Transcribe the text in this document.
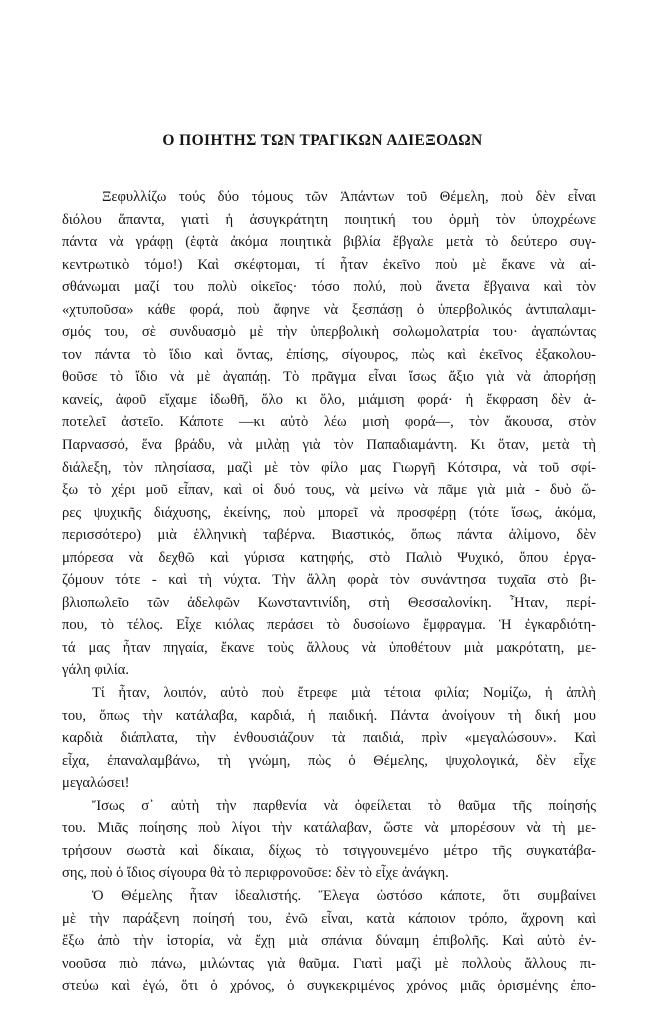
Ο ΠΟΙΗΤΗΣ ΤΩΝ ΤΡΑΓΙΚΩΝ ΑΔΙΕΞΟΔΩΝ
Ξεφυλλίζω τούς δύο τόμους τῶν Ἁπάντων τοῦ Θέμελη, ποὺ δὲν εἶναι
διόλου ἅπαντα, γιατὶ ἡ ἀσυγκράτητη ποιητική του ὁρμὴ τὸν ὑποχρέωνε
πάντα νὰ γράφῃ (ἑφτὰ ἀκόμα ποιητικὰ βιβλία ἔβγαλε μετὰ τὸ δεύτερο συγ-
κεντρωτικὸ τόμο!) Καὶ σκέφτομαι, τί ἦταν ἐκεῖνο ποὺ μὲ ἔκανε νὰ αἰ-
σθάνωμαι μαζί του πολὺ οἰκεῖος· τόσο πολύ, ποὺ ἄνετα ἔβγαινα καὶ τὸν
«χτυποῦσα» κάθε φορά, ποὺ ἄφηνε νὰ ξεσπάσῃ ὁ ὑπερβολικός ἀντιπαλαμι-
σμός του, σὲ συνδυασμὸ μὲ τὴν ὑπερβολικὴ σολωμολατρία του· ἀγαπώντας
τον πάντα τὸ ἴδιο καὶ ὄντας, ἐπίσης, σίγουρος, πὼς καὶ ἐκεῖνος ἐξακολου-
θοῦσε τὸ ἴδιο νὰ μὲ ἀγαπάῃ. Τὸ πρᾶγμα εἶναι ἴσως ἄξιο γιὰ νὰ ἀπορήσῃ
κανείς, ἀφοῦ εἴχαμε ἰδωθῆ, ὅλο κι ὅλο, μιάμιση φορά· ἡ ἔκφραση δὲν ἀ-
ποτελεῖ ἀστεῖο. Κάποτε —κι αὐτὸ λέω μισὴ φορά—, τὸν ἄκουσα, στὸν
Παρνασσό, ἕνα βράδυ, νὰ μιλὰῃ γιὰ τὸν Παπαδιαμάντη. Κι ὅταν, μετὰ τὴ
διάλεξη, τὸν πλησίασα, μαζὶ μὲ τὸν φίλο μας Γιωργῆ Κότσιρα, νὰ τοῦ σφί-
ξω τὸ χέρι μοῦ εἶπαν, καὶ οἱ δυό τους, νὰ μείνω νὰ πᾶμε γιὰ μιὰ - δυὸ ὥ-
ρες ψυχικῆς διάχυσης, ἐκείνης, ποὺ μπορεῖ νὰ προσφέρῃ (τότε ἴσως, ἀκόμα,
περισσότερο) μιὰ ἑλληνικὴ ταβέρνα. Βιαστικός, ὅπως πάντα ἀλίμονο, δὲν
μπόρεσα νὰ δεχθῶ καὶ γύρισα κατηφής, στὸ Παλιὸ Ψυχικό, ὅπου ἐργα-
ζόμουν τότε - καὶ τὴ νύχτα. Τὴν ἄλλη φορὰ τὸν συνάντησα τυχαῖα στὸ βι-
βλιοπωλεῖο τῶν ἀδελφῶν Κωνσταντινίδη, στὴ Θεσσαλονίκη. Ἦταν, περί-
που, τὸ τέλος. Εἶχε κιόλας περάσει τὸ δυσοίωνο ἔμφραγμα. Ἡ ἐγκαρδιότη-
τά μας ἦταν πηγαία, ἔκανε τοὺς ἄλλους νὰ ὑποθέτουν μιὰ μακρότατη, με-
γάλη φιλία.
Τί ἦταν, λοιπόν, αὐτὸ ποὺ ἔτρεφε μιὰ τέτοια φιλία; Νομίζω, ἡ ἁπλὴ
του, ὅπως τὴν κατάλαβα, καρδιά, ἡ παιδική. Πάντα ἀνοίγουν τὴ δική μου
καρδιὰ διάπλατα, τὴν ἐνθουσιάζουν τὰ παιδιά, πρὶν «μεγαλώσουν». Καὶ
εἶχα, ἐπαναλαμβάνω, τὴ γνώμη, πὼς ὁ Θέμελης, ψυχολογικά, δὲν εἶχε
μεγαλώσει!
Ἴσως σ᾽ αὐτὴ τὴν παρθενία νὰ ὀφείλεται τὸ θαῦμα τῆς ποίησής
του. Μιᾶς ποίησης ποὺ λίγοι τὴν κατάλαβαν, ὥστε νὰ μπορέσουν νὰ τὴ με-
τρήσουν σωστὰ καὶ δίκαια, δίχως τὸ τσιγγουνεμένο μέτρο τῆς συγκατάβα-
σης, ποὺ ὁ ἴδιος σίγουρα θὰ τὸ περιφρονοῦσε: δὲν τὸ εἶχε ἀνάγκη.
Ὁ Θέμελης ἦταν ἰδεαλιστής. Ἔλεγα ὡστόσο κάποτε, ὅτι συμβαίνει
μὲ τὴν παράξενη ποίησή του, ἐνῶ εἶναι, κατὰ κάποιον τρόπο, ἄχρονη καὶ
ἔξω ἀπὸ τὴν ἱστορία, νὰ ἔχῃ μιὰ σπάνια δύναμη ἐπιβολῆς. Καὶ αὐτὸ ἐν-
νοοῦσα πιὸ πάνω, μιλώντας γιὰ θαῦμα. Γιατὶ μαζὶ μὲ πολλοὺς ἄλλους πι-
στεύω καὶ ἐγώ, ὅτι ὁ χρόνος, ὁ συγκεκριμένος χρόνος μιᾶς ὁρισμένης ἐπο-
